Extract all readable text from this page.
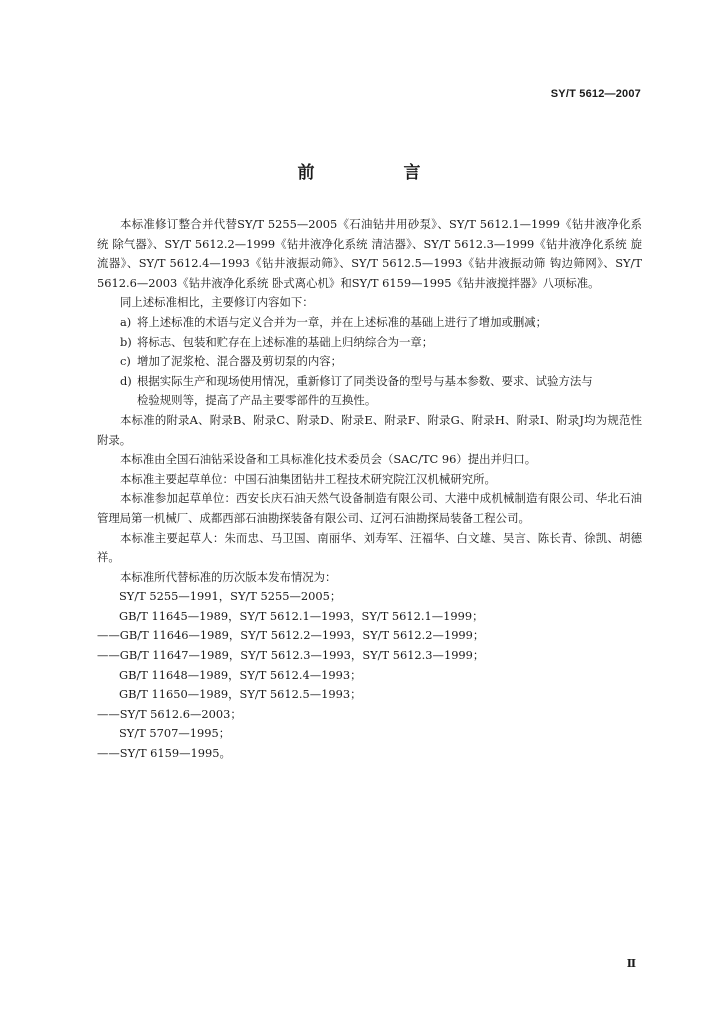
SY/T 5612—2007
前　言

本标准修订整合并代替SY/T 5255—2005《石油钻井用砂泵》、SY/T 5612.1—1999《钻井液净化系统 除气器》、SY/T 5612.2—1999《钻井液净化系统 清洁器》、SY/T 5612.3—1999《钻井液净化系统 旋流器》、SY/T 5612.4—1993《钻井液振动筛》、SY/T 5612.5—1993《钻井液振动筛 钩边筛网》、SY/T 5612.6—2003《钻井液净化系统 卧式离心机》和SY/T 6159—1995《钻井液搅拌器》八项标准。

同上述标准相比，主要修订内容如下：

a) 将上述标准的术语与定义合并为一章，并在上述标准的基础上进行了增加或删减；

b) 将标志、包装和贮存在上述标准的基础上归纳综合为一章；

c) 增加了泥浆枪、混合器及剪切泵的内容；

d) 根据实际生产和现场使用情况，重新修订了同类设备的型号与基本参数、要求、试验方法与

检验规则等，提高了产品主要零部件的互换性。

本标准的附录A、附录B、附录C、附录D、附录E、附录F、附录G、附录H、附录I、附录J均为规范性附录。

本标准由全国石油钻采设备和工具标准化技术委员会（SAC/TC 96）提出并归口。

本标准主要起草单位：中国石油集团钻井工程技术研究院江汉机械研究所。

本标准参加起草单位：西安长庆石油天然气设备制造有限公司、大港中成机械制造有限公司、华北石油管理局第一机械厂、成都西部石油勘探装备有限公司、辽河石油勘探局装备工程公司。

本标准主要起草人：朱而忠、马卫国、南丽华、刘寿军、汪福华、白文雄、吴言、陈长青、徐凯、胡德祥。

本标准所代替标准的历次版本发布情况为：

SY/T 5255—1991，SY/T 5255—2005；

GB/T 11645—1989，SY/T 5612.1—1993，SY/T 5612.1—1999；

——GB/T 11646—1989，SY/T 5612.2—1993，SY/T 5612.2—1999；

——GB/T 11647—1989，SY/T 5612.3—1993，SY/T 5612.3—1999；

GB/T 11648—1989，SY/T 5612.4—1993；

GB/T 11650—1989，SY/T 5612.5—1993；

——SY/T 5612.6—2003；

SY/T 5707—1995；

——SY/T 6159—1995。

Ⅱ
